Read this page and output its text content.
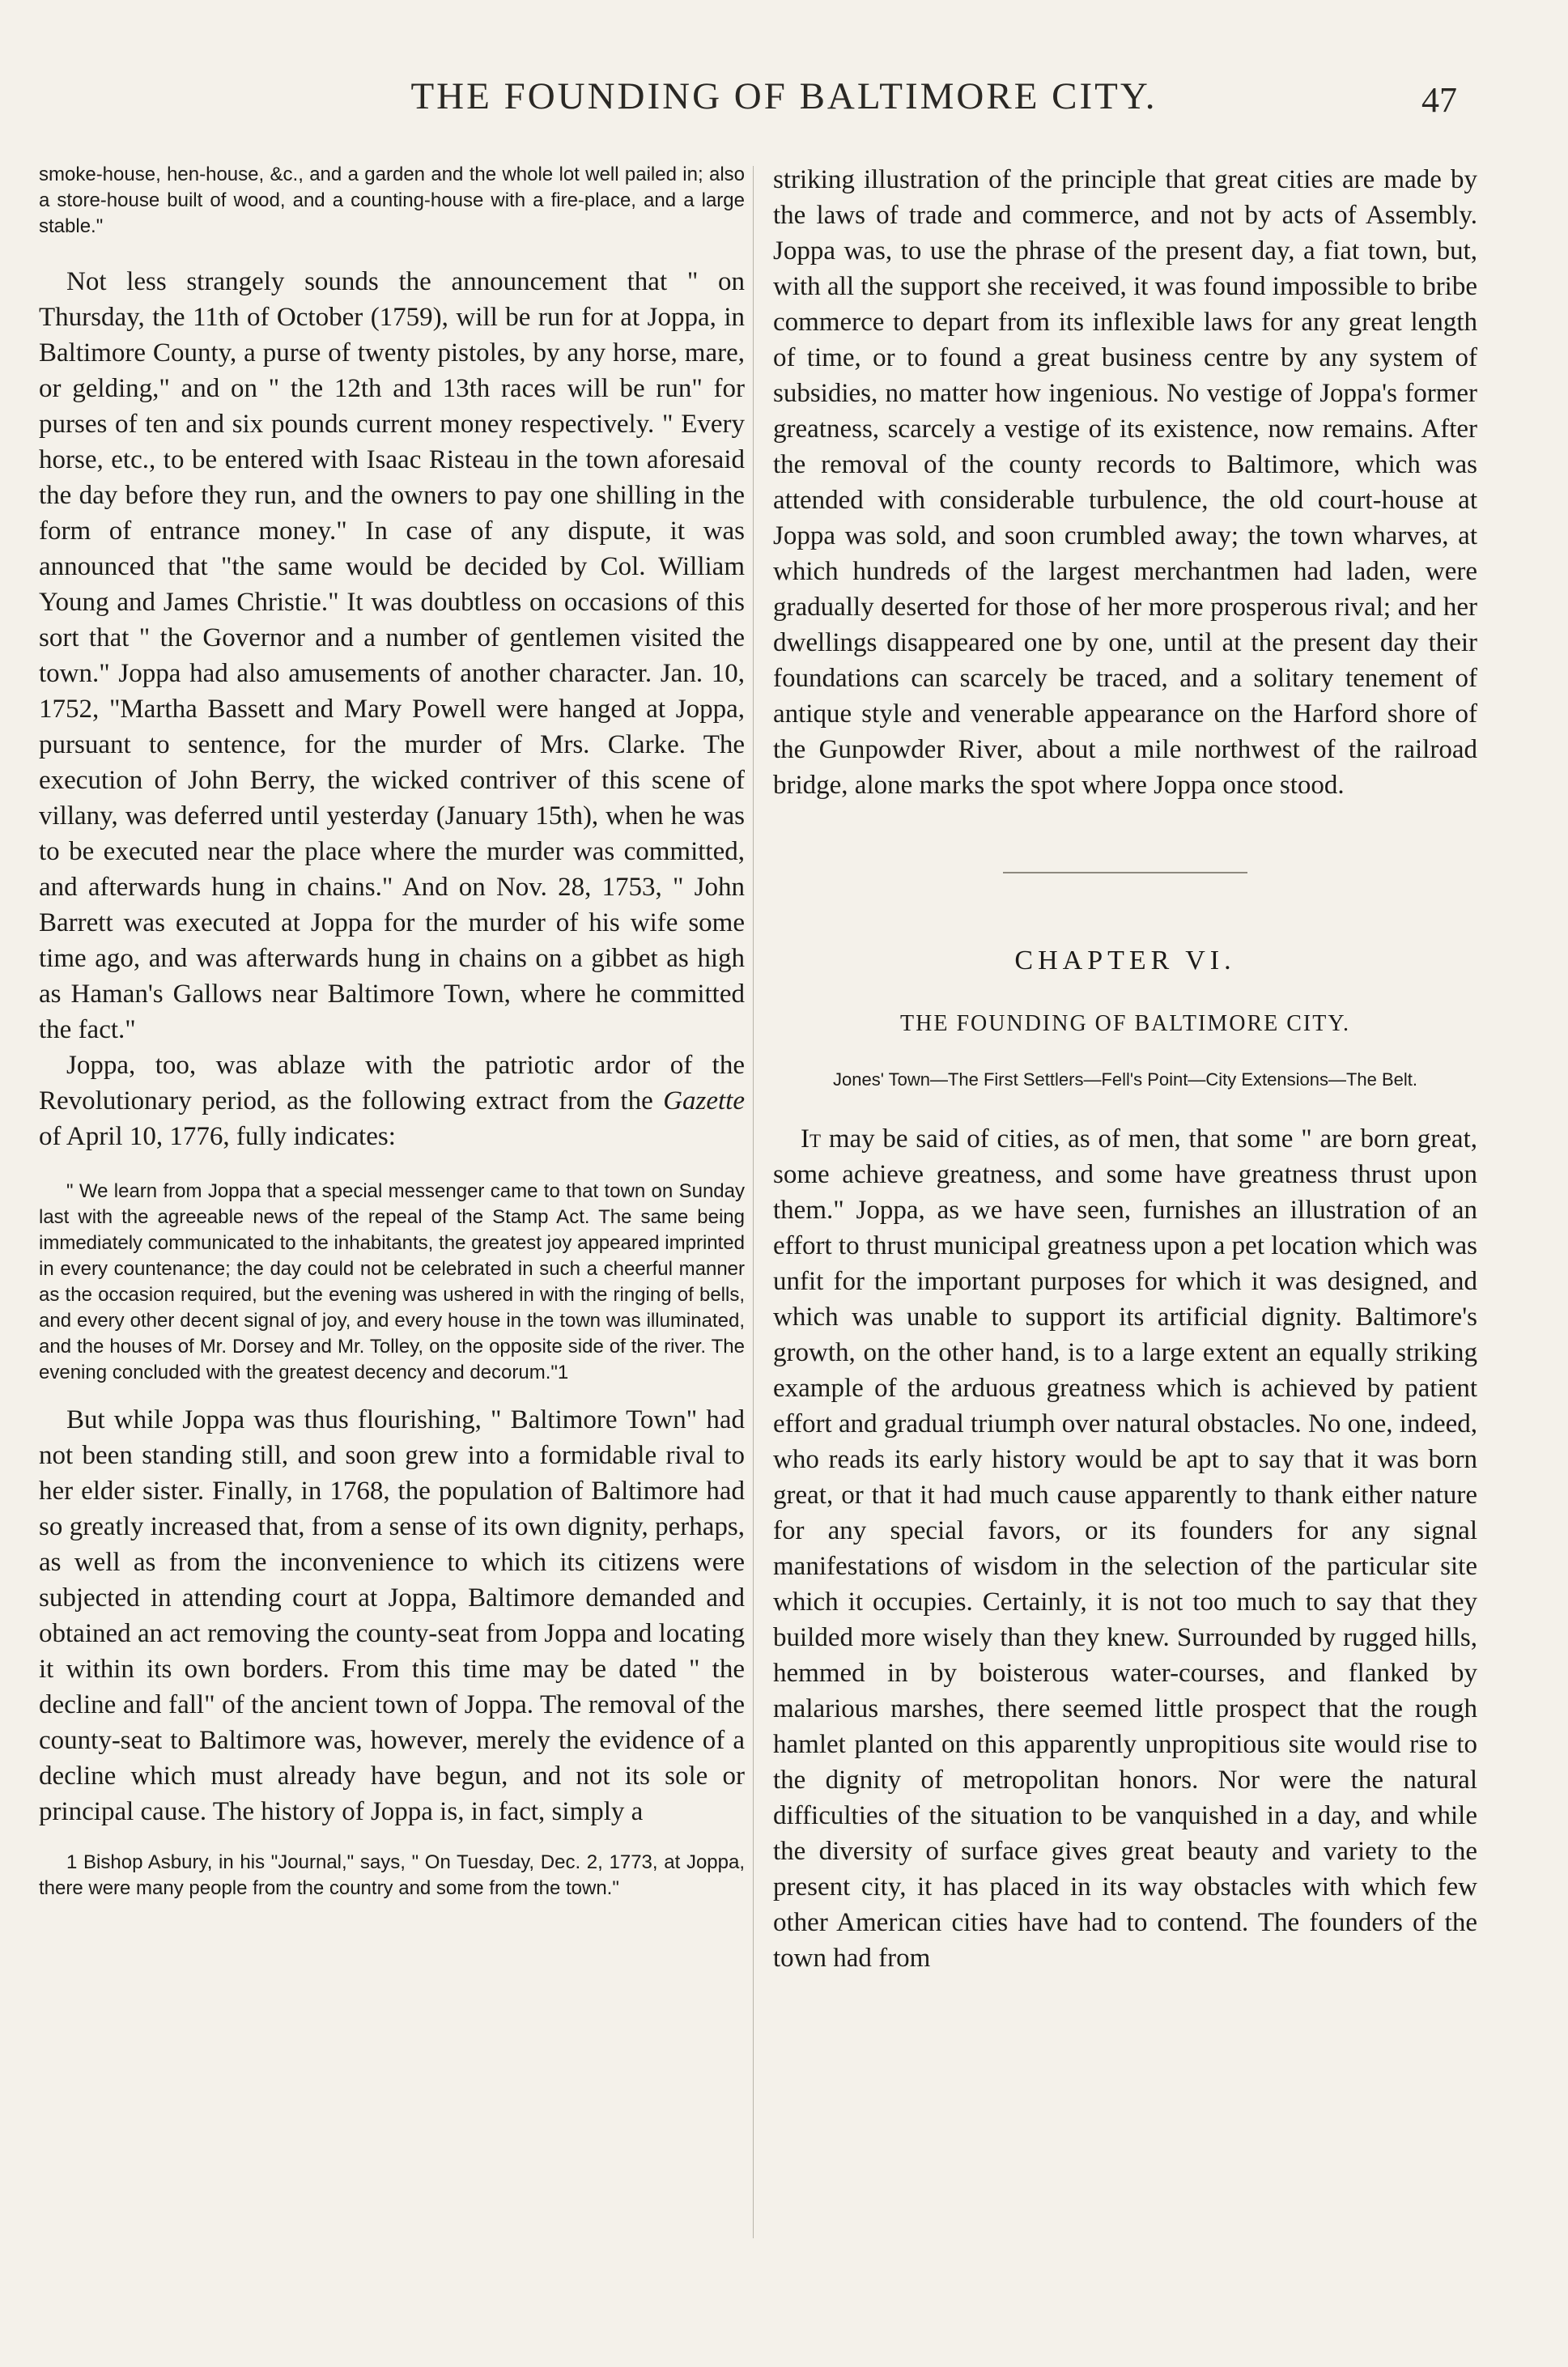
THE FOUNDING OF BALTIMORE CITY.	47

smoke-house, hen-house, &c., and a garden and the whole lot well pailed in; also a store-house built of wood, and a counting-house with a fire-place, and a large stable."

Not less strangely sounds the announcement that " on Thursday, the 11th of October (1759), will be run for at Joppa, in Baltimore County, a purse of twenty pistoles, by any horse, mare, or gelding," and on " the 12th and 13th races will be run" for purses of ten and six pounds current money respectively. " Every horse, etc., to be entered with Isaac Risteau in the town aforesaid the day before they run, and the owners to pay one shilling in the form of entrance money." In case of any dispute, it was announced that "the same would be decided by Col. William Young and James Christie." It was doubtless on occasions of this sort that " the Governor and a number of gentlemen visited the town." Joppa had also amusements of another character. Jan. 10, 1752, "Martha Bassett and Mary Powell were hanged at Joppa, pursuant to sentence, for the murder of Mrs. Clarke. The execution of John Berry, the wicked contriver of this scene of villany, was deferred until yesterday (January 15th), when he was to be executed near the place where the murder was committed, and afterwards hung in chains." And on Nov. 28, 1753, " John Barrett was executed at Joppa for the murder of his wife some time ago, and was afterwards hung in chains on a gibbet as high as Haman's Gallows near Baltimore Town, where he committed the fact."

Joppa, too, was ablaze with the patriotic ardor of the Revolutionary period, as the following extract from the Gazette of April 10, 1776, fully indicates:

" We learn from Joppa that a special messenger came to that town on Sunday last with the agreeable news of the repeal of the Stamp Act. The same being immediately communicated to the inhabitants, the greatest joy appeared imprinted in every countenance; the day could not be celebrated in such a cheerful manner as the occasion required, but the evening was ushered in with the ringing of bells, and every other decent signal of joy, and every house in the town was illuminated, and the houses of Mr. Dorsey and Mr. Tolley, on the opposite side of the river. The evening concluded with the greatest decency and decorum."1

But while Joppa was thus flourishing, " Baltimore Town" had not been standing still, and soon grew into a formidable rival to her elder sister. Finally, in 1768, the population of Baltimore had so greatly increased that, from a sense of its own dignity, perhaps, as well as from the inconvenience to which its citizens were subjected in attending court at Joppa, Baltimore demanded and obtained an act removing the county-seat from Joppa and locating it within its own borders. From this time may be dated " the decline and fall" of the ancient town of Joppa. The removal of the county-seat to Baltimore was, however, merely the evidence of a decline which must already have begun, and not its sole or principal cause. The history of Joppa is, in fact, simply a

1 Bishop Asbury, in his "Journal," says, " On Tuesday, Dec. 2, 1773, at Joppa, there were many people from the country and some from the town."

striking illustration of the principle that great cities are made by the laws of trade and commerce, and not by acts of Assembly. Joppa was, to use the phrase of the present day, a fiat town, but, with all the support she received, it was found impossible to bribe commerce to depart from its inflexible laws for any great length of time, or to found a great business centre by any system of subsidies, no matter how ingenious. No vestige of Joppa's former greatness, scarcely a vestige of its existence, now remains. After the removal of the county records to Baltimore, which was attended with considerable turbulence, the old court-house at Joppa was sold, and soon crumbled away; the town wharves, at which hundreds of the largest merchantmen had laden, were gradually deserted for those of her more prosperous rival; and her dwellings disappeared one by one, until at the present day their foundations can scarcely be traced, and a solitary tenement of antique style and venerable appearance on the Harford shore of the Gunpowder River, about a mile northwest of the railroad bridge, alone marks the spot where Joppa once stood.

CHAPTER VI.
THE FOUNDING OF BALTIMORE CITY.
Jones' Town—The First Settlers—Fell's Point—City Extensions—The Belt.

It may be said of cities, as of men, that some " are born great, some achieve greatness, and some have greatness thrust upon them." Joppa, as we have seen, furnishes an illustration of an effort to thrust municipal greatness upon a pet location which was unfit for the important purposes for which it was designed, and which was unable to support its artificial dignity. Baltimore's growth, on the other hand, is to a large extent an equally striking example of the arduous greatness which is achieved by patient effort and gradual triumph over natural obstacles. No one, indeed, who reads its early history would be apt to say that it was born great, or that it had much cause apparently to thank either nature for any special favors, or its founders for any signal manifestations of wisdom in the selection of the particular site which it occupies. Certainly, it is not too much to say that they builded more wisely than they knew. Surrounded by rugged hills, hemmed in by boisterous water-courses, and flanked by malarious marshes, there seemed little prospect that the rough hamlet planted on this apparently unpropitious site would rise to the dignity of metropolitan honors. Nor were the natural difficulties of the situation to be vanquished in a day, and while the diversity of surface gives great beauty and variety to the present city, it has placed in its way obstacles with which few other American cities have had to contend. The founders of the town had from
